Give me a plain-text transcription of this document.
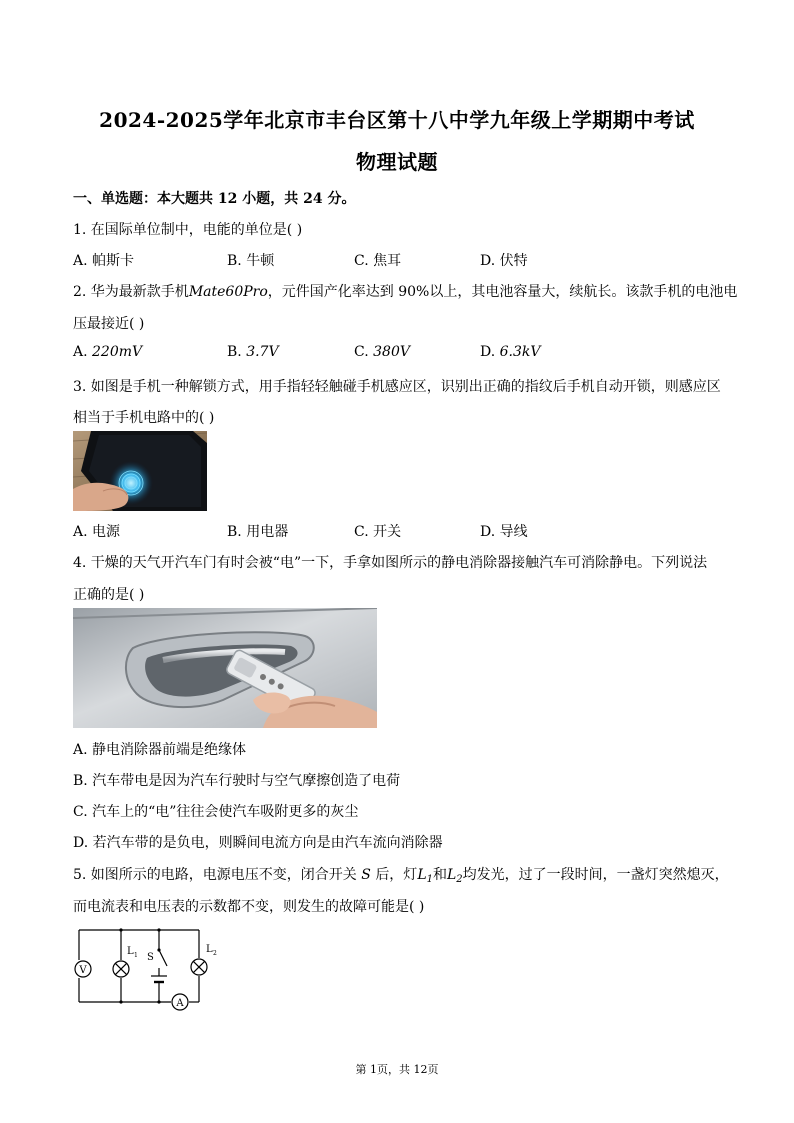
2024-2025学年北京市丰台区第十八中学九年级上学期期中考试
物理试题
一、单选题：本大题共 12 小题，共 24 分。
1. 在国际单位制中，电能的单位是( )
A. 帕斯卡	B. 牛顿	C. 焦耳	D. 伏特
2. 华为最新款手机Mate60Pro，元件国产化率达到 90%以上，其电池容量大，续航长。该款手机的电池电
压最接近( )
A. 220mV	B. 3.7V	C. 380V	D. 6.3kV
3. 如图是手机一种解锁方式，用手指轻轻触碰手机感应区，识别出正确的指纹后手机自动开锁，则感应区
相当于手机电路中的( )
A. 电源	B. 用电器	C. 开关	D. 导线
4. 干燥的天气开汽车门有时会被“电”一下，手拿如图所示的静电消除器接触汽车可消除静电。下列说法
正确的是( )
A. 静电消除器前端是绝缘体
B. 汽车带电是因为汽车行驶时与空气摩擦创造了电荷
C. 汽车上的“电”往往会使汽车吸附更多的灰尘
D. 若汽车带的是负电，则瞬间电流方向是由汽车流向消除器
5. 如图所示的电路，电源电压不变，闭合开关 S 后，灯$L_1$和$L_2$均发光，过了一段时间，一盏灯突然熄灭，
而电流表和电压表的示数都不变，则发生的故障可能是( )
V
A
S
L 1
L 2
第 1页，共 12页
